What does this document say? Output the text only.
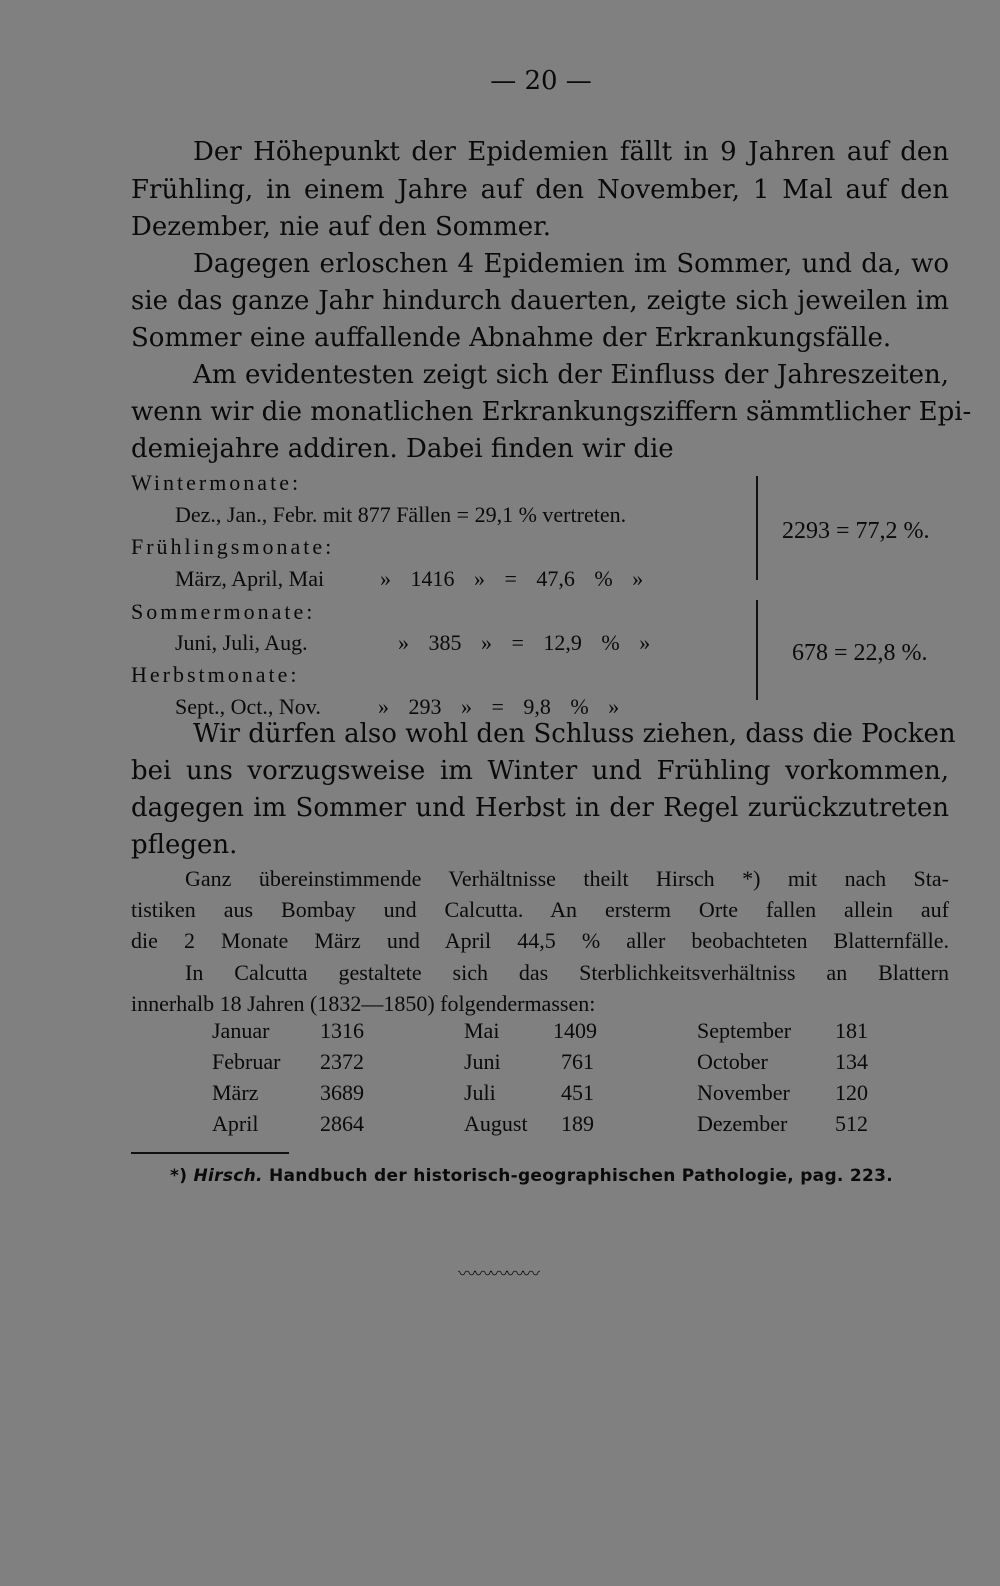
— 20 —
Der Höhepunkt der Epidemien fällt in 9 Jahren auf den
Frühling, in einem Jahre auf den November, 1 Mal auf den
Dezember, nie auf den Sommer.
Dagegen erloschen 4 Epidemien im Sommer, und da, wo
sie das ganze Jahr hindurch dauerten, zeigte sich jeweilen im
Sommer eine auffallende Abnahme der Erkrankungsfälle.
Am evidentesten zeigt sich der Einfluss der Jahreszeiten,
wenn wir die monatlichen Erkrankungsziffern sämmtlicher Epi-
demiejahre addiren. Dabei finden wir die
Wintermonate:
Dez., Jan., Febr. mit 877 Fällen = 29,1 % vertreten.
Frühlingsmonate:
März, April, Mai	» 1416 » = 47,6 % »
Sommermonate:
Juni, Juli, Aug.	» 385 » = 12,9 % »
Herbstmonate:
Sept., Oct., Nov.	» 293 » = 9,8 % »
2293 = 77,2 %.
678 = 22,8 %.
Wir dürfen also wohl den Schluss ziehen, dass die Pocken
bei uns vorzugsweise im Winter und Frühling vorkommen,
dagegen im Sommer und Herbst in der Regel zurückzutreten
pflegen.
Ganz übereinstimmende Verhältnisse theilt Hirsch *) mit nach Sta-
tistiken aus Bombay und Calcutta. An ersterm Orte fallen allein auf
die 2 Monate März und April 44,5 % aller beobachteten Blatternfälle.
In Calcutta gestaltete sich das Sterblichkeitsverhältniss an Blattern
innerhalb 18 Jahren (1832—1850) folgendermassen:
Januar 1316	Mai 1409	September 181
Februar 2372	Juni	761	October	134
März	3689	Juli	451	November 120
April	2864	August 189	Dezember 512
*) Hirsch. Handbuch der historisch-geographischen Pathologie, pag. 223.
〰〰〰〰〰
